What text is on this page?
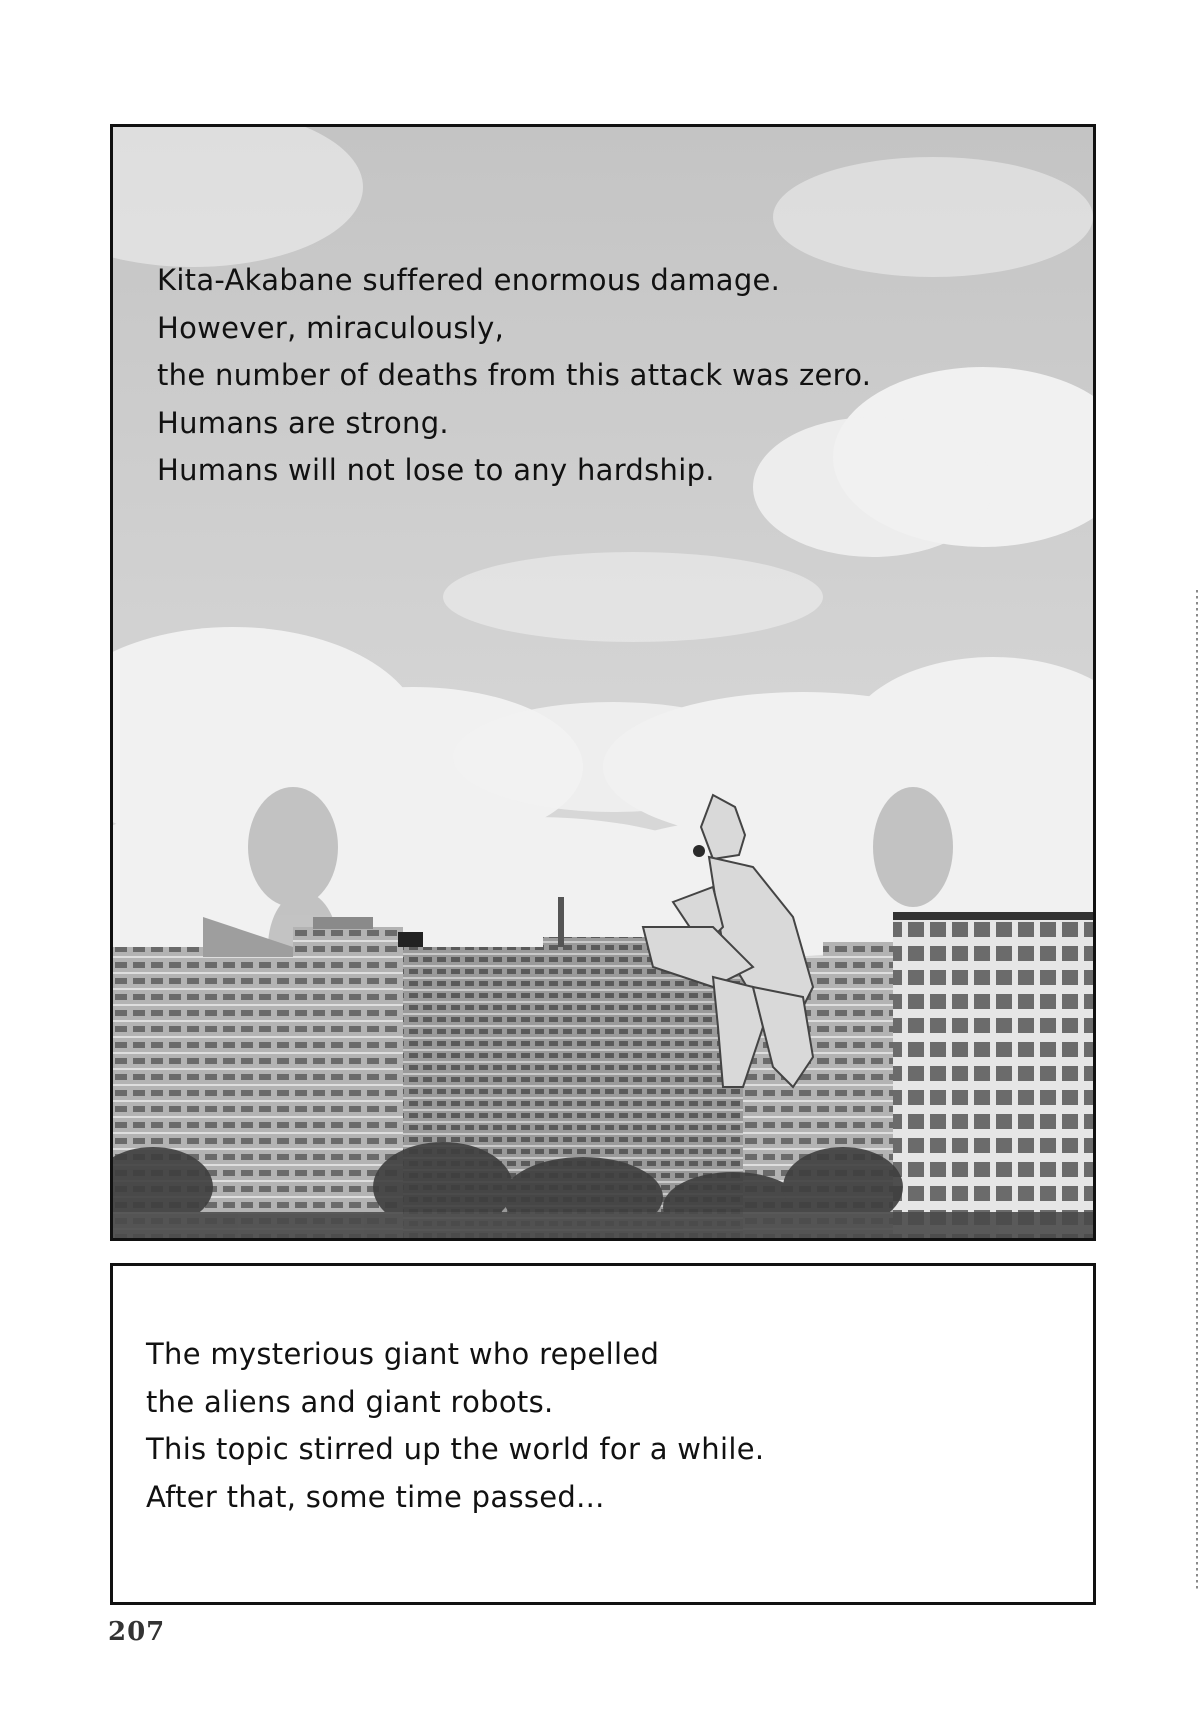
Kita-Akabane suffered enormous damage.
However, miraculously,
the number of deaths from this attack was zero.
Humans are strong.
Humans will not lose to any hardship.

The mysterious giant who repelled
the aliens and giant robots.
This topic stirred up the world for a while.
After that, some time passed...

207
